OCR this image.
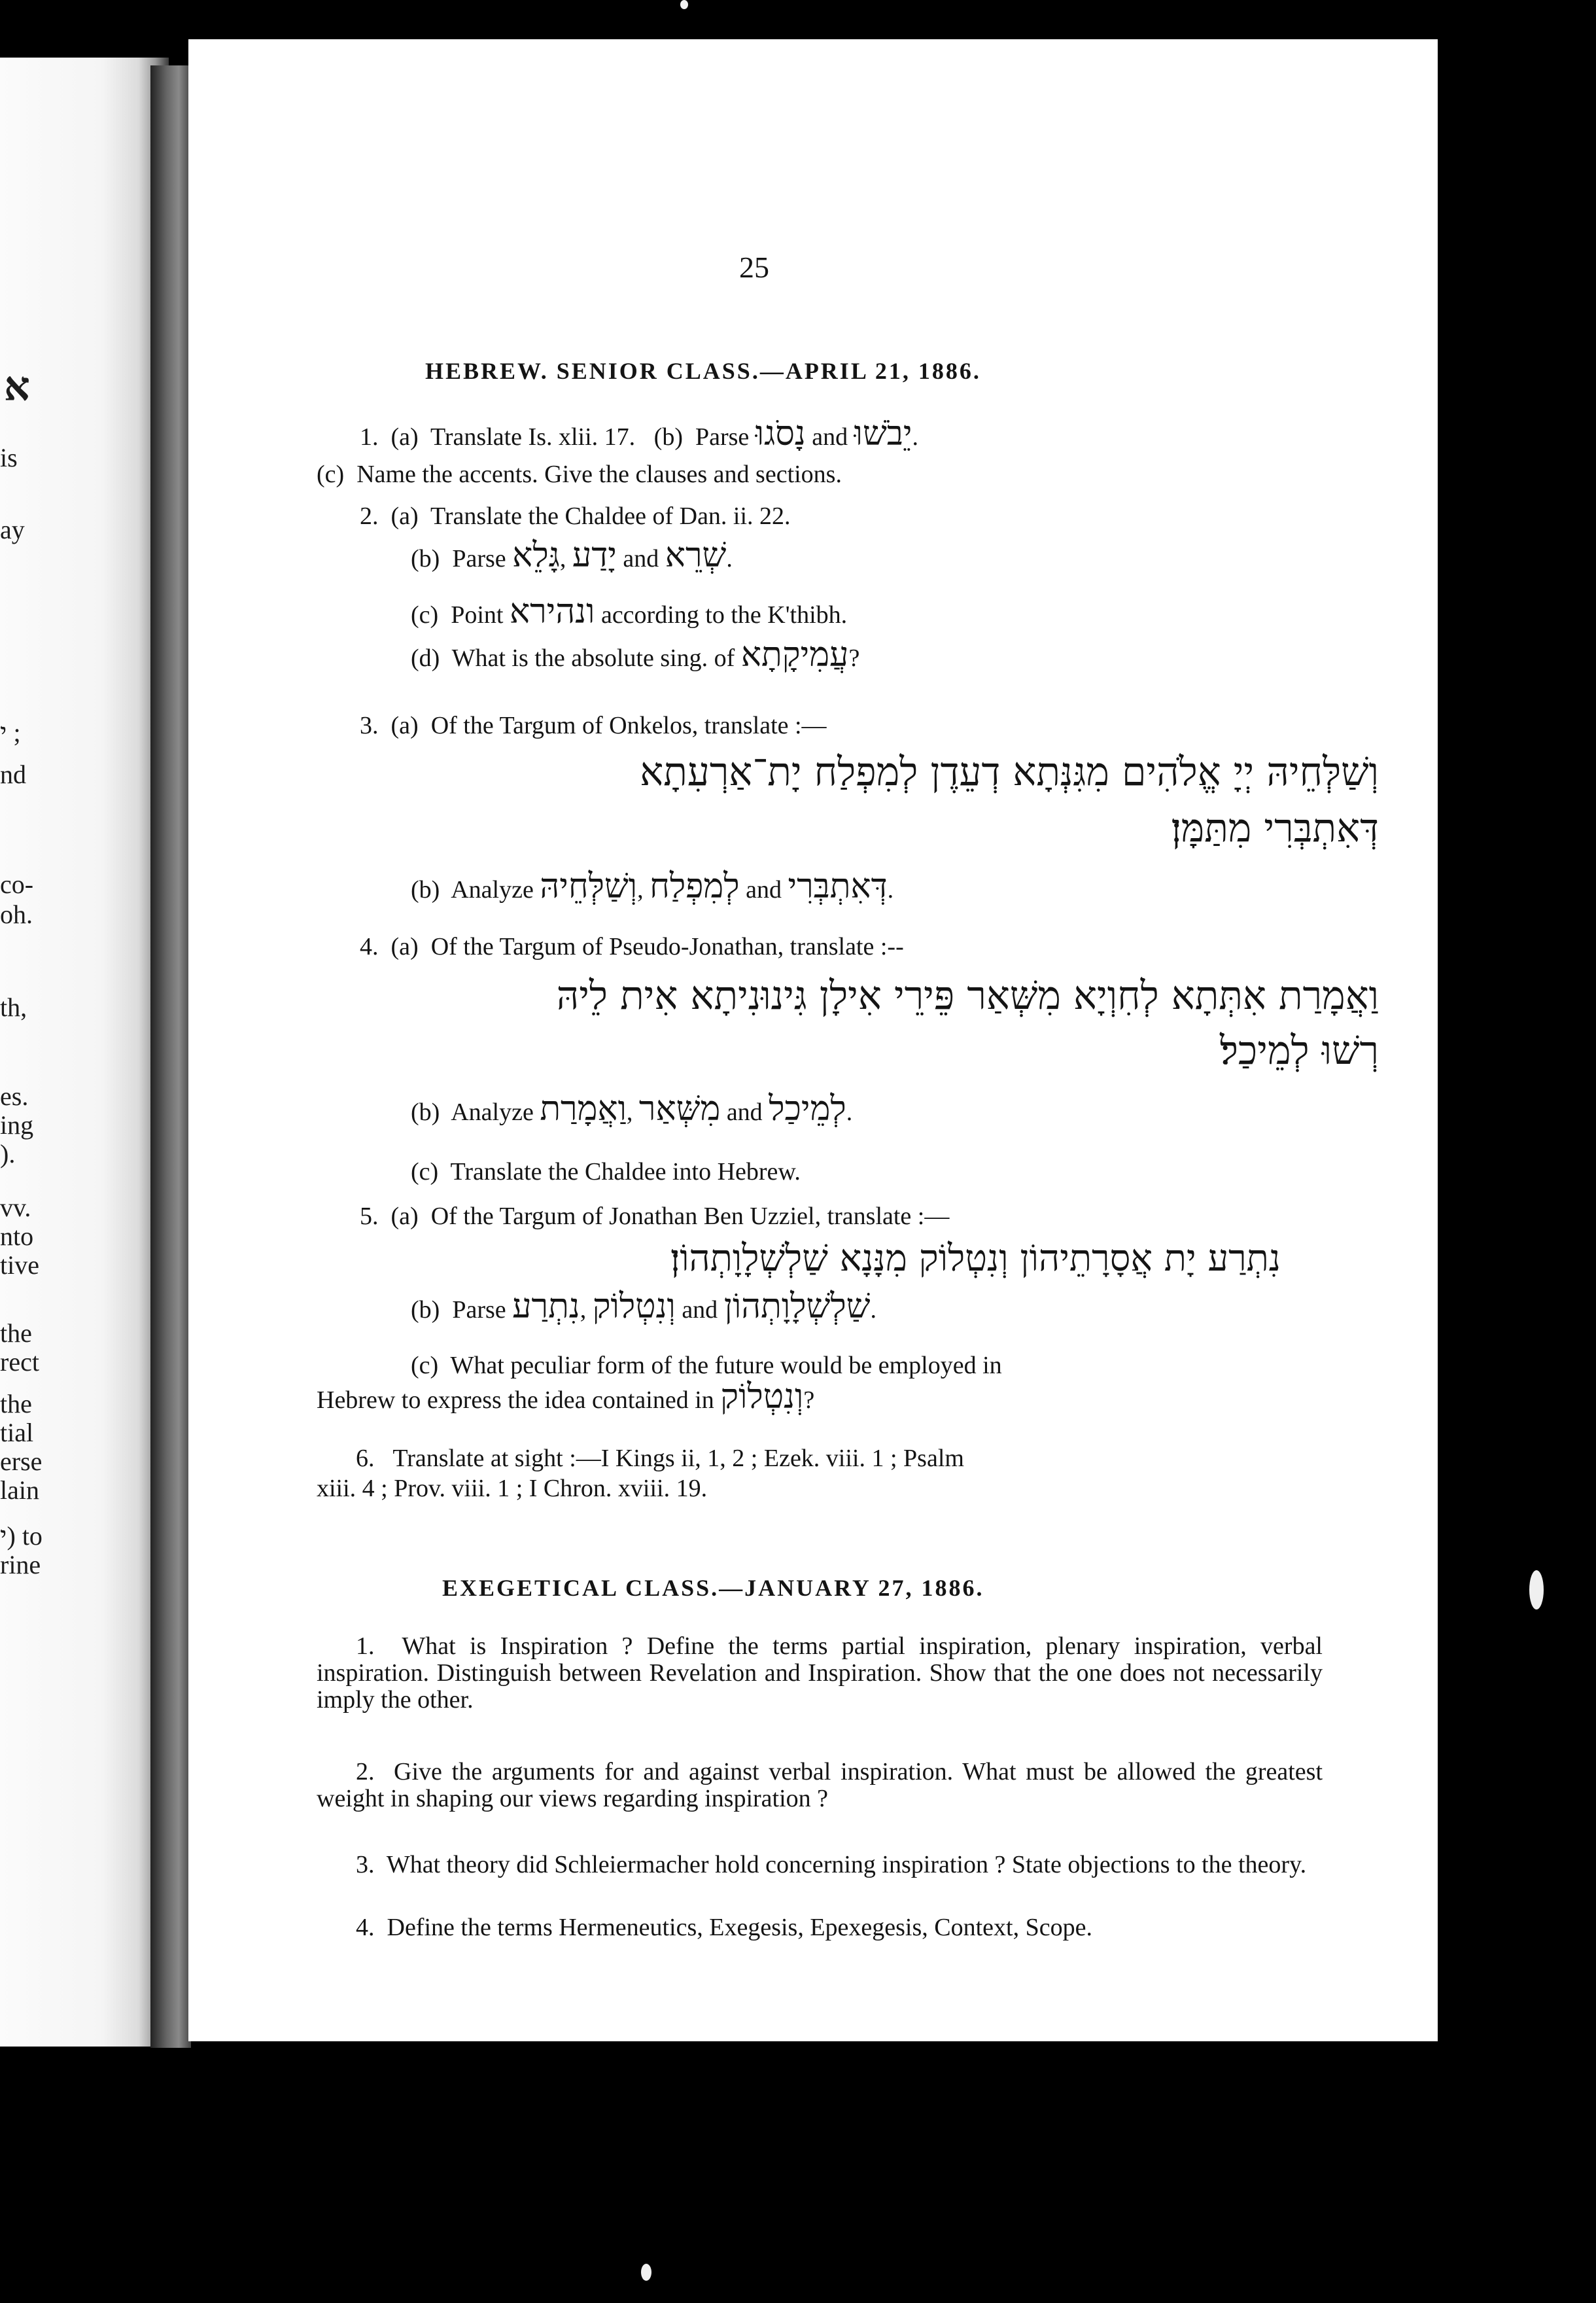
א
is
ay
י ;
nd
co-
oh.
th,
es.
ing
).
vv.
nto
tive
the
rect
the
tial
erse
lain
י) to
rine
25
HEBREW. SENIOR CLASS.—APRIL 21, 1886.
1. (a) Translate Is. xlii. 17. (b) Parse נָסֹגוּ and יֵבֹשׁוּ.
(c) Name the accents. Give the clauses and sections.
2. (a) Translate the Chaldee of Dan. ii. 22.
(b) Parse גָּלֵא, יָדַע and שְׁרֵא.
(c) Point ונהירא according to the K'thibh.
(d) What is the absolute sing. of עֲמִיקָתָא?
3. (a) Of the Targum of Onkelos, translate :—
וְשַׁלְּחֵיהּ יְיָ אֱלֹהִים מִגִּנְּתָא דְעֵדֶן לְמִפְלַח יָת־אַרְעִתָא
דְּאִתְבְּרִי מִתַּמָּן׃
(b) Analyze וְשַׁלְּחֵיהּ, לְמִפְלַח and דְּאִתְבְּרִי.
4. (a) Of the Targum of Pseudo-Jonathan, translate :--
וַאֲמָרַת אִתְּתָא לְחִוְיָא מִשְּׁאַר פֵּירֵי אִילָן גִּינוּנִיתָא אִית לֵיהּ
רְשׁוּ לְמֵיכַל׃
(b) Analyze וַאֲמָרַת, מִשְּׁאַר and לְמֵיכַל.
(c) Translate the Chaldee into Hebrew.
5. (a) Of the Targum of Jonathan Ben Uzziel, translate :—
נִתְרַע יָת אֲסָרָתֵיהוֹן וְנִטְלוֹק מִנָּנָא שַׁלְשְׁלָוָתְהוֹן׃
(b) Parse נִתְרַע, וְנִטְלוֹק and שַׁלְשְׁלָוָתְהוֹן.
(c) What peculiar form of the future would be employed in
Hebrew to express the idea contained in וְנִטְלוֹק?
6. Translate at sight :—I Kings ii, 1, 2 ; Ezek. viii. 1 ; Psalm
xiii. 4 ; Prov. viii. 1 ; I Chron. xviii. 19.
EXEGETICAL CLASS.—JANUARY 27, 1886.
1. What is Inspiration ? Define the terms partial inspiration, plenary inspiration, verbal inspiration. Distinguish between Revelation and Inspiration. Show that the one does not necessarily imply the other.
2. Give the arguments for and against verbal inspiration. What must be allowed the greatest weight in shaping our views regarding inspiration ?
3. What theory did Schleiermacher hold concerning inspiration ? State objections to the theory.
4. Define the terms Hermeneutics, Exegesis, Epexegesis, Context, Scope.
